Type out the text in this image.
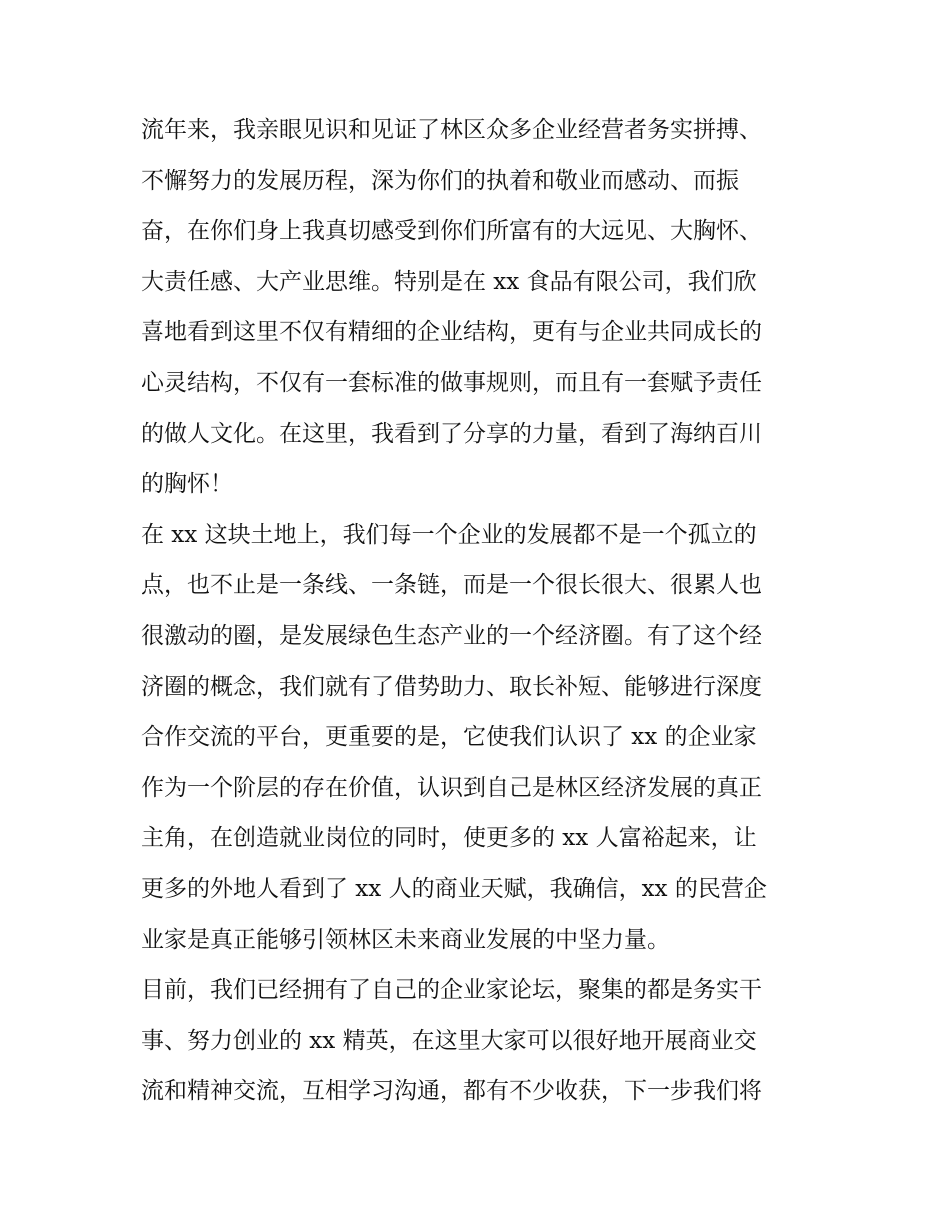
流年来，我亲眼见识和见证了林区众多企业经营者务实拼搏、
不懈努力的发展历程，深为你们的执着和敬业而感动、而振
奋，在你们身上我真切感受到你们所富有的大远见、大胸怀、
大责任感、大产业思维。特别是在 xx 食品有限公司，我们欣
喜地看到这里不仅有精细的企业结构，更有与企业共同成长的
心灵结构，不仅有一套标准的做事规则，而且有一套赋予责任
的做人文化。在这里，我看到了分享的力量，看到了海纳百川
的胸怀！
在 xx 这块土地上，我们每一个企业的发展都不是一个孤立的
点，也不止是一条线、一条链，而是一个很长很大、很累人也
很激动的圈，是发展绿色生态产业的一个经济圈。有了这个经
济圈的概念，我们就有了借势助力、取长补短、能够进行深度
合作交流的平台，更重要的是，它使我们认识了 xx 的企业家
作为一个阶层的存在价值，认识到自己是林区经济发展的真正
主角，在创造就业岗位的同时，使更多的 xx 人富裕起来，让
更多的外地人看到了 xx 人的商业天赋，我确信，xx 的民营企
业家是真正能够引领林区未来商业发展的中坚力量。
目前，我们已经拥有了自己的企业家论坛，聚集的都是务实干
事、努力创业的 xx 精英，在这里大家可以很好地开展商业交
流和精神交流，互相学习沟通，都有不少收获，下一步我们将
